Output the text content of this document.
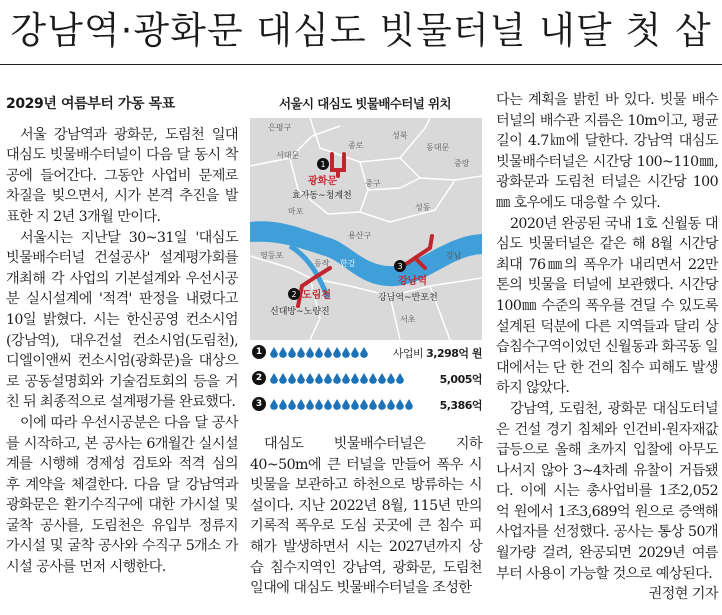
강남역·광화문 대심도 빗물터널 내달 첫 삽

2029년 여름부터 가동 목표

서울 강남역과 광화문, 도림천 일대 대심도 빗물배수터널이 다음 달 동시 착공에 들어간다. 그동안 사업비 문제로 차질을 빚으면서, 시가 본격 추진을 발표한 지 2년 3개월 만이다.

서울시는 지난달 30~31일 '대심도 빗물배수터널 건설공사' 설계평가회를 개최해 각 사업의 기본설계와 우선시공분 실시설계에 '적격' 판정을 내렸다고 10일 밝혔다. 시는 한신공영 컨소시엄(강남역), 대우건설 컨소시엄(도림천), 디엘이앤씨 컨소시엄(광화문)을 대상으로 공동설명회와 기술검토회의 등을 거친 뒤 최종적으로 설계평가를 완료했다.

이에 따라 우선시공분은 다음 달 공사를 시작하고, 본 공사는 6개월간 실시설계를 시행해 경제성 검토와 적격 심의 후 계약을 체결한다. 다음 달 강남역과 광화문은 환기수직구에 대한 가시설 및 굴착 공사를, 도림천은 유입부 정류지 가시설 및 굴착 공사와 수직구 5개소 가시설 공사를 먼저 시행한다.

서울시 대심도 빗물배수터널 위치
은평구
종로
서대문
성북
동대문
중구
중랑
마포
용산구
성동
영등포
동작
강남
서초
한강
1
광화문
효자동~청계천
2 도림천
신대방~노량진
3
강남역
강남역~반포천
1	사업비 3,298억 원
2	5,005억
3	5,386억

대심도 빗물배수터널은 지하 40~50m에 큰 터널을 만들어 폭우 시 빗물을 보관하고 하천으로 방류하는 시설이다. 지난 2022년 8월, 115년 만의 기록적 폭우로 도심 곳곳에 큰 침수 피해가 발생하면서 시는 2027년까지 상습 침수지역인 강남역, 광화문, 도림천 일대에 대심도 빗물배수터널을 조성한

다는 계획을 밝힌 바 있다. 빗물 배수터널의 배수관 지름은 10m이고, 평균 길이 4.7㎞에 달한다. 강남역 대심도 빗물배수터널은 시간당 100~110㎜, 광화문과 도림천 터널은 시간당 100㎜ 호우에도 대응할 수 있다.

2020년 완공된 국내 1호 신월동 대심도 빗물터널은 같은 해 8월 시간당 최대 76㎜의 폭우가 내리면서 22만 톤의 빗물을 터널에 보관했다. 시간당 100㎜ 수준의 폭우를 견딜 수 있도록 설계된 덕분에 다른 지역들과 달리 상습침수구역이었던 신월동과 화곡동 일대에서는 단 한 건의 침수 피해도 발생하지 않았다.

강남역, 도림천, 광화문 대심도터널은 건설 경기 침체와 인건비·원자재값 급등으로 올해 초까지 입찰에 아무도 나서지 않아 3~4차례 유찰이 거듭됐다. 이에 시는 총사업비를 1조2,052억 원에서 1조3,689억 원으로 증액해 사업자를 선정했다. 공사는 통상 50개월가량 걸려, 완공되면 2029년 여름부터 사용이 가능할 것으로 예상된다.

권정현 기자
